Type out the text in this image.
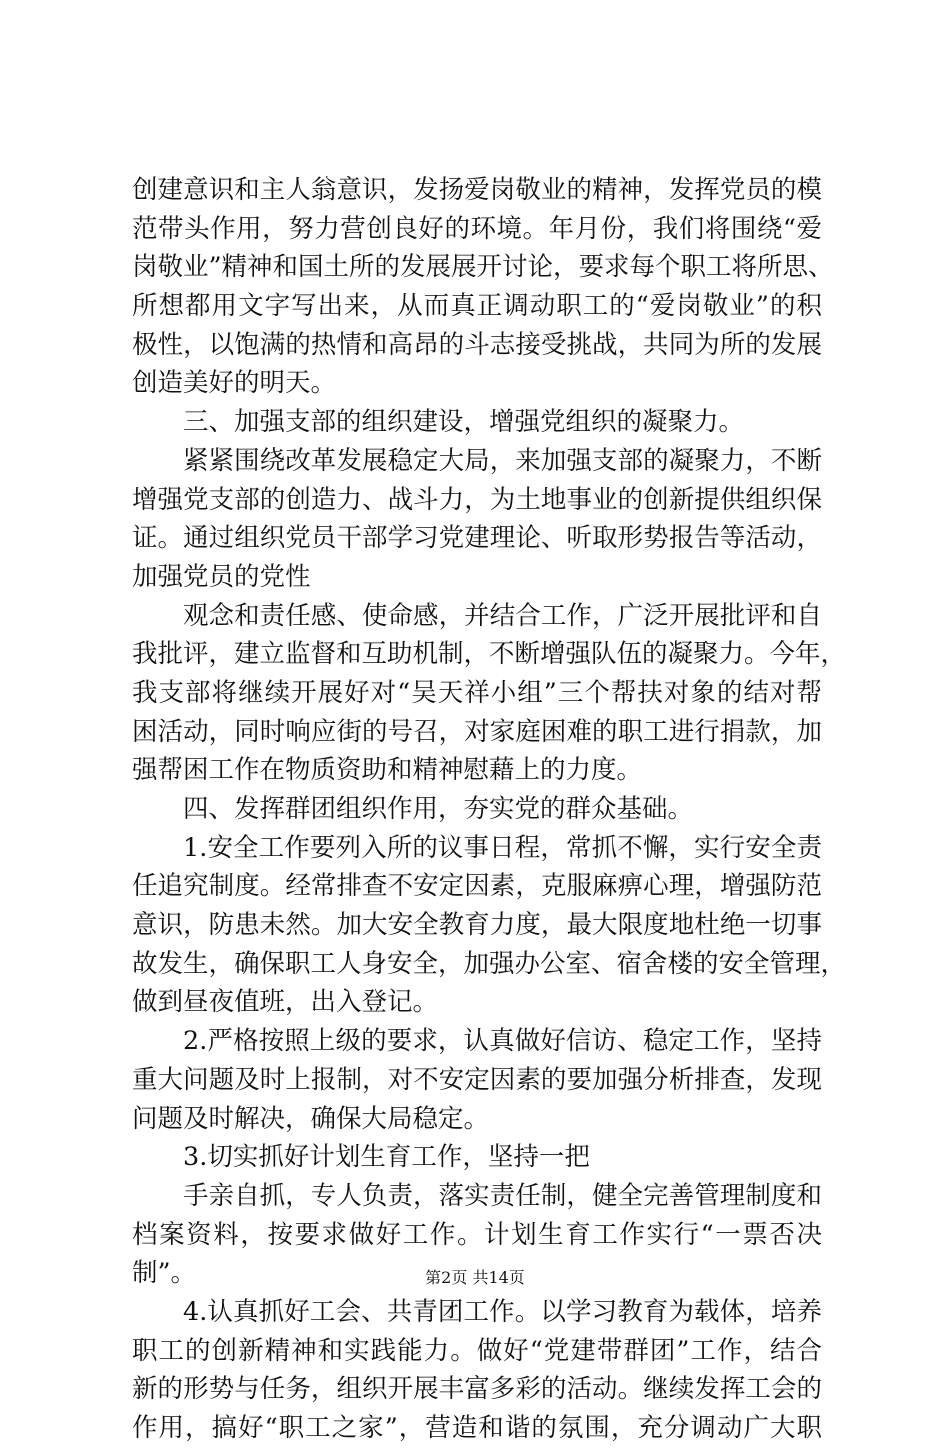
创建意识和主人翁意识，发扬爱岗敬业的精神，发挥党员的模
范带头作用，努力营创良好的环境。年月份，我们将围绕“爱
岗敬业”精神和国土所的发展展开讨论，要求每个职工将所思、
所想都用文字写出来，从而真正调动职工的“爱岗敬业”的积
极性，以饱满的热情和高昂的斗志接受挑战，共同为所的发展
创造美好的明天。
三、加强支部的组织建设，增强党组织的凝聚力。
紧紧围绕改革发展稳定大局，来加强支部的凝聚力，不断
增强党支部的创造力、战斗力，为土地事业的创新提供组织保
证。通过组织党员干部学习党建理论、听取形势报告等活动，
加强党员的党性
观念和责任感、使命感，并结合工作，广泛开展批评和自
我批评，建立监督和互助机制，不断增强队伍的凝聚力。今年，
我支部将继续开展好对“吴天祥小组”三个帮扶对象的结对帮
困活动，同时响应街的号召，对家庭困难的职工进行捐款，加
强帮困工作在物质资助和精神慰藉上的力度。
四、发挥群团组织作用，夯实党的群众基础。
1.安全工作要列入所的议事日程，常抓不懈，实行安全责
任追究制度。经常排查不安定因素，克服麻痹心理，增强防范
意识，防患未然。加大安全教育力度，最大限度地杜绝一切事
故发生，确保职工人身安全，加强办公室、宿舍楼的安全管理，
做到昼夜值班，出入登记。
2.严格按照上级的要求，认真做好信访、稳定工作，坚持
重大问题及时上报制，对不安定因素的要加强分析排查，发现
问题及时解决，确保大局稳定。
3.切实抓好计划生育工作，坚持一把
手亲自抓，专人负责，落实责任制，健全完善管理制度和
档案资料，按要求做好工作。计划生育工作实行“一票否决
制”。
4.认真抓好工会、共青团工作。以学习教育为载体，培养
职工的创新精神和实践能力。做好“党建带群团”工作，结合
新的形势与任务，组织开展丰富多彩的活动。继续发挥工会的
作用，搞好“职工之家”，营造和谐的氛围，充分调动广大职
第2页 共14页
